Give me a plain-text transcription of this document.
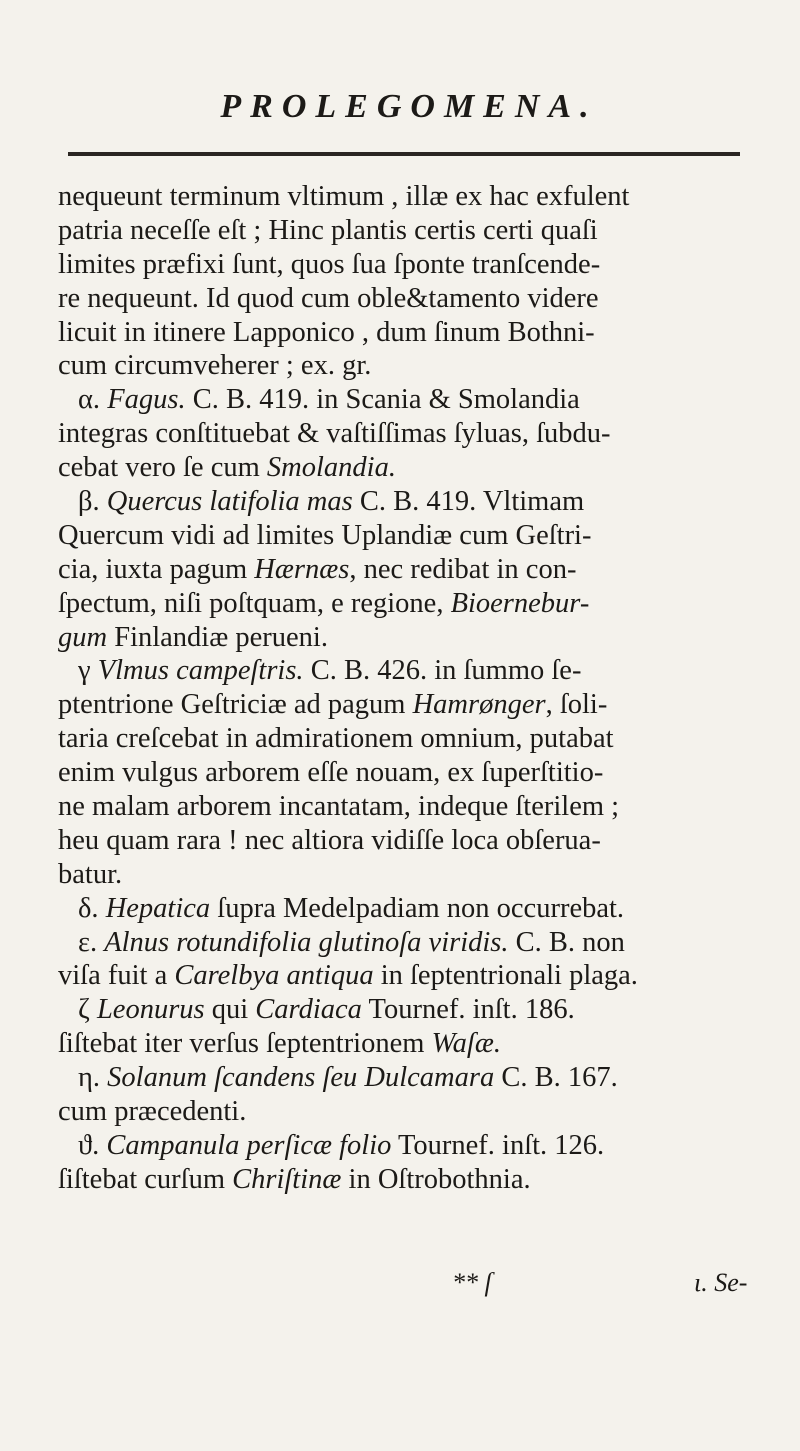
PROLEGOMENA.
nequeunt terminum vltimum , illæ ex hac exfulent
patria neceſſe eſt ; Hinc plantis certis certi quaſi
limites præfixi ſunt, quos ſua ſponte tranſcende-
re nequeunt. Id quod cum oble&tamento videre
licuit in itinere Lapponico , dum ſinum Bothni-
cum circumveherer ; ex. gr.
α. Fagus. C. B. 419. in Scania & Smolandia
integras conſtituebat & vaſtiſſimas ſyluas, ſubdu-
cebat vero ſe cum Smolandia.
β. Quercus latifolia mas C. B. 419. Vltimam
Quercum vidi ad limites Uplandiæ cum Geſtri-
cia, iuxta pagum Hærnæs, nec redibat in con-
ſpectum, niſi poſtquam, e regione, Bioernebur-
gum Finlandiæ perueni.
γ Vlmus campeſtris. C. B. 426. in ſummo ſe-
ptentrione Geſtriciæ ad pagum Hamrønger, ſoli-
taria creſcebat in admirationem omnium, putabat
enim vulgus arborem eſſe nouam, ex ſuperſtitio-
ne malam arborem incantatam, indeque ſterilem ;
heu quam rara ! nec altiora vidiſſe loca obſerua-
batur.
δ. Hepatica ſupra Medelpadiam non occurrebat.
ε. Alnus rotundifolia glutinoſa viridis. C. B. non
viſa fuit a Carelbya antiqua in ſeptentrionali plaga.
ζ Leonurus qui Cardiaca Tournef. inſt. 186.
ſiſtebat iter verſus ſeptentrionem Waſæ.
η. Solanum ſcandens ſeu Dulcamara C. B. 167.
cum præcedenti.
ϑ. Campanula perſicæ folio Tournef. inſt. 126.
ſiſtebat curſum Chriſtinæ in Oſtrobothnia.
** ſ	ι. Se-
